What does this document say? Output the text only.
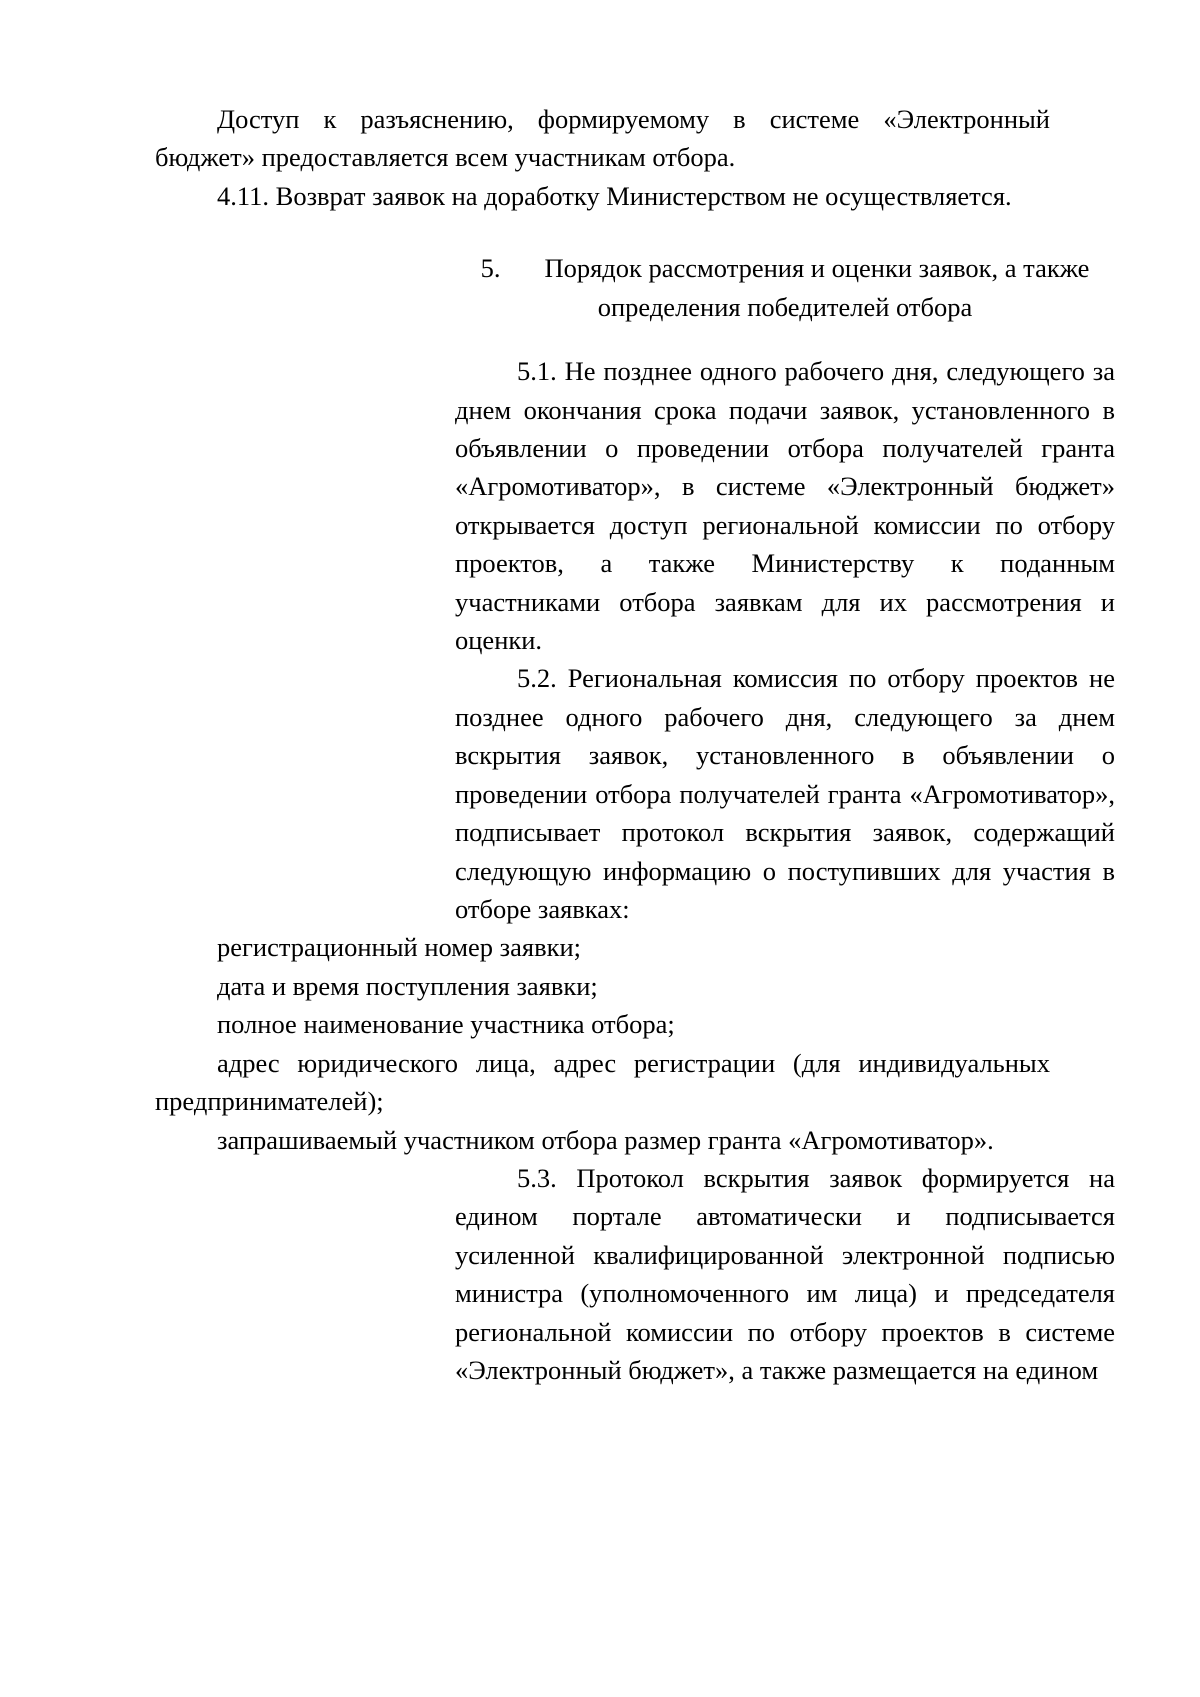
Доступ к разъяснению, формируемому в системе «Электронный бюджет» предоставляется всем участникам отбора.

4.11. Возврат заявок на доработку Министерством не осуществляется.

5. Порядок рассмотрения и оценки заявок, а также определения победителей отбора

5.1. Не позднее одного рабочего дня, следующего за днем окончания срока подачи заявок, установленного в объявлении о проведении отбора получателей гранта «Агромотиватор», в системе «Электронный бюджет» открывается доступ региональной комиссии по отбору проектов, а также Министерству к поданным участниками отбора заявкам для их рассмотрения и оценки.

5.2. Региональная комиссия по отбору проектов не позднее одного рабочего дня, следующего за днем вскрытия заявок, установленного в объявлении о проведении отбора получателей гранта «Агромотиватор», подписывает протокол вскрытия заявок, содержащий следующую информацию о поступивших для участия в отборе заявках:

регистрационный номер заявки;

дата и время поступления заявки;

полное наименование участника отбора;

адрес юридического лица, адрес регистрации (для индивидуальных предпринимателей);

запрашиваемый участником отбора размер гранта «Агромотиватор».

5.3. Протокол вскрытия заявок формируется на едином портале автоматически и подписывается усиленной квалифицированной электронной подписью министра (уполномоченного им лица) и председателя региональной комиссии по отбору проектов в системе «Электронный бюджет», а также размещается на едином
